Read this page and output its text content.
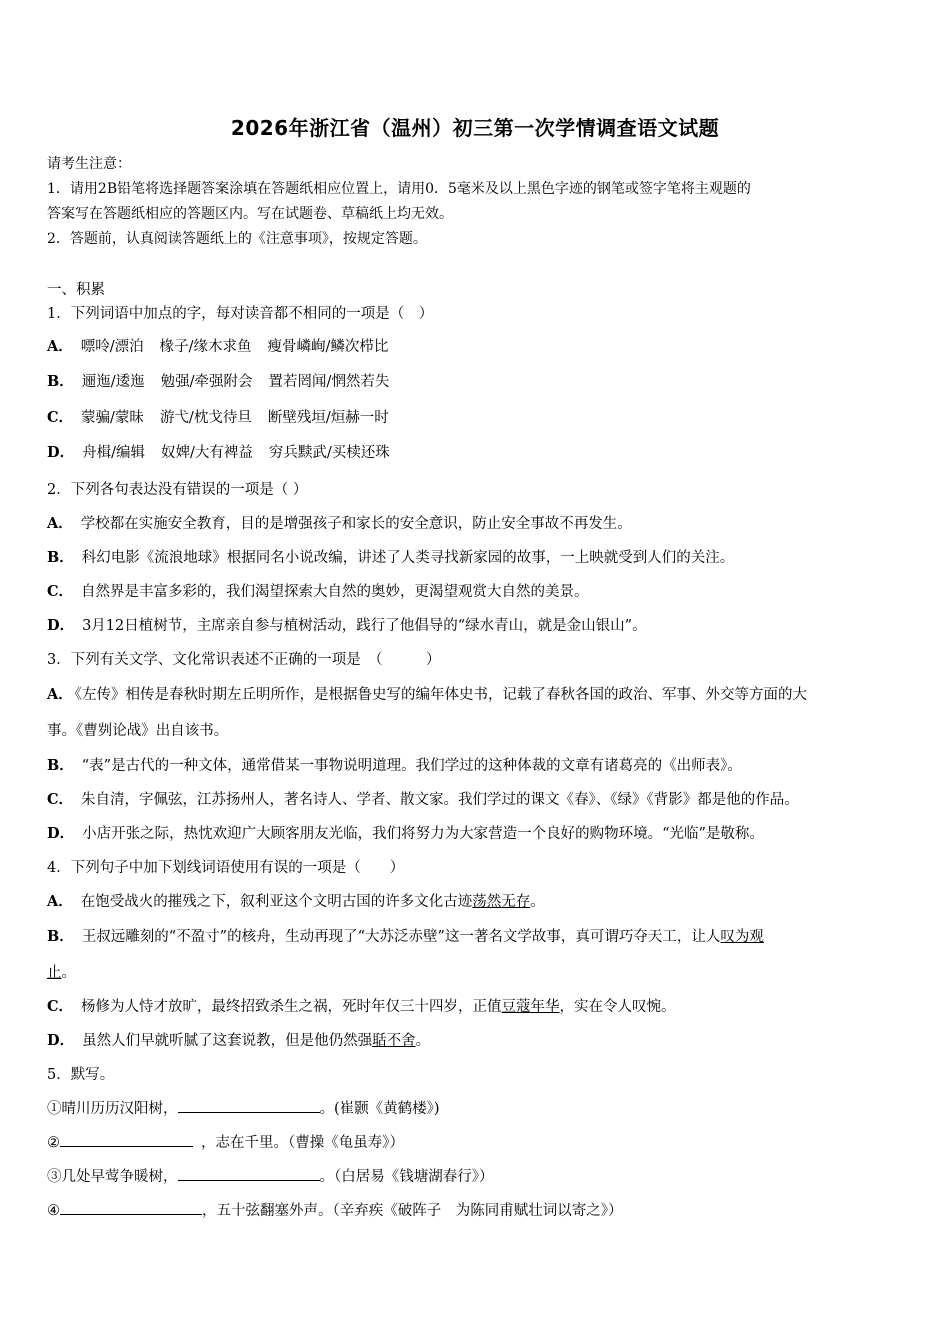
2026年浙江省（温州）初三第一次学情调查语文试题
请考生注意：
1．请用2B铅笔将选择题答案涂填在答题纸相应位置上，请用0．5毫米及以上黑色字迹的钢笔或签字笔将主观题的
答案写在答题纸相应的答题区内。写在试题卷、草稿纸上均无效。
2．答题前，认真阅读答题纸上的《注意事项》，按规定答题。
一、积累
1．下列词语中加点的字，每对读音都不相同的一项是（　）
A． 嘌呤/漂泊 椽子/缘木求鱼 瘦骨嶙峋/鳞次栉比
B． 逦迤/逶迤 勉强/牵强附会 置若罔闻/惘然若失
C． 蒙骗/蒙昧 游弋/枕戈待旦 断壁残垣/烜赫一时
D． 舟楫/编辑 奴婢/大有裨益 穷兵黩武/买椟还珠
2．下列各句表达没有错误的一项是（ ）
A． 学校都在实施安全教育，目的是增强孩子和家长的安全意识，防止安全事故不再发生。
B． 科幻电影《流浪地球》根据同名小说改编，讲述了人类寻找新家园的故事，一上映就受到人们的关注。
C． 自然界是丰富多彩的，我们渴望探索大自然的奥妙，更渴望观赏大自然的美景。
D． 3月12日植树节，主席亲自参与植树活动，践行了他倡导的“绿水青山，就是金山银山”。
3．下列有关文学、文化常识表述不正确的一项是　（　　　）
A． 《左传》相传是春秋时期左丘明所作，是根据鲁史写的编年体史书，记载了春秋各国的政治、军事、外交等方面的大
事。《曹刿论战》出自该书。
B． “表”是古代的一种文体，通常借某一事物说明道理。我们学过的这种体裁的文章有诸葛亮的《出师表》。
C． 朱自清，字佩弦，江苏扬州人，著名诗人、学者、散文家。我们学过的课文《春》、《绿》《背影》都是他的作品。
D． 小店开张之际，热忱欢迎广大顾客朋友光临，我们将努力为大家营造一个良好的购物环境。“光临”是敬称。
4．下列句子中加下划线词语使用有误的一项是（　　）
A． 在饱受战火的摧残之下，叙利亚这个文明古国的许多文化古迹荡然无存。
B． 王叔远雕刻的“不盈寸”的核舟，生动再现了“大苏泛赤壁”这一著名文学故事，真可谓巧夺天工，让人叹为观
止。
C． 杨修为人恃才放旷，最终招致杀生之祸，死时年仅三十四岁，正值豆蔻年华，实在令人叹惋。
D． 虽然人们早就听腻了这套说教，但是他仍然强聒不舍。
5．默写。
①晴川历历汉阳树，	。(崔颢《黄鹤楼》)
②	，志在千里。（曹操《龟虽寿》）
③几处早莺争暖树，	。（白居易《钱塘湖春行》）
④	，五十弦翻塞外声。（辛弃疾《破阵子　为陈同甫赋壮词以寄之》）
